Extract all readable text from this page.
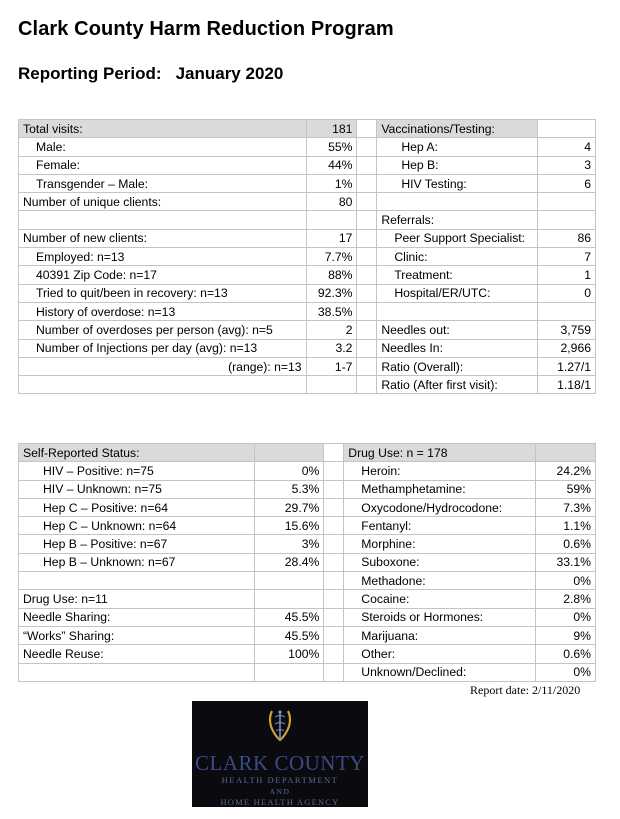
Clark County Harm Reduction Program
Reporting Period: January 2020
Total visits:	181		Vaccinations/Testing:	
Male:	55%		Hep A:	4
Female:	44%		Hep B:	3
Transgender – Male:	1%		HIV Testing:	6
Number of unique clients:	80			
			Referrals:	
Number of new clients:	17		Peer Support Specialist:	86
Employed: n=13	7.7%		Clinic:	7
40391 Zip Code: n=17	88%		Treatment:	1
Tried to quit/been in recovery: n=13	92.3%		Hospital/ER/UTC:	0
History of overdose: n=13	38.5%			
Number of overdoses per person (avg): n=5	2		Needles out:	3,759
Number of Injections per day (avg): n=13	3.2		Needles In:	2,966
(range): n=13	1-7		Ratio (Overall):	1.27/1
			Ratio (After first visit):	1.18/1
Self-Reported Status:			Drug Use: n = 178	
HIV – Positive: n=75	0%		Heroin:	24.2%
HIV – Unknown: n=75	5.3%		Methamphetamine:	59%
Hep C – Positive: n=64	29.7%		Oxycodone/Hydrocodone:	7.3%
Hep C – Unknown: n=64	15.6%		Fentanyl:	1.1%
Hep B – Positive: n=67	3%		Morphine:	0.6%
Hep B – Unknown: n=67	28.4%		Suboxone:	33.1%
			Methadone:	0%
Drug Use: n=11			Cocaine:	2.8%
Needle Sharing:	45.5%		Steroids or Hormones:	0%
“Works” Sharing:	45.5%		Marijuana:	9%
Needle Reuse:	100%		Other:	0.6%
			Unknown/Declined:	0%
Report date: 2/11/2020
CLARK COUNTY
HEALTH DEPARTMENT
AND
HOME HEALTH AGENCY
